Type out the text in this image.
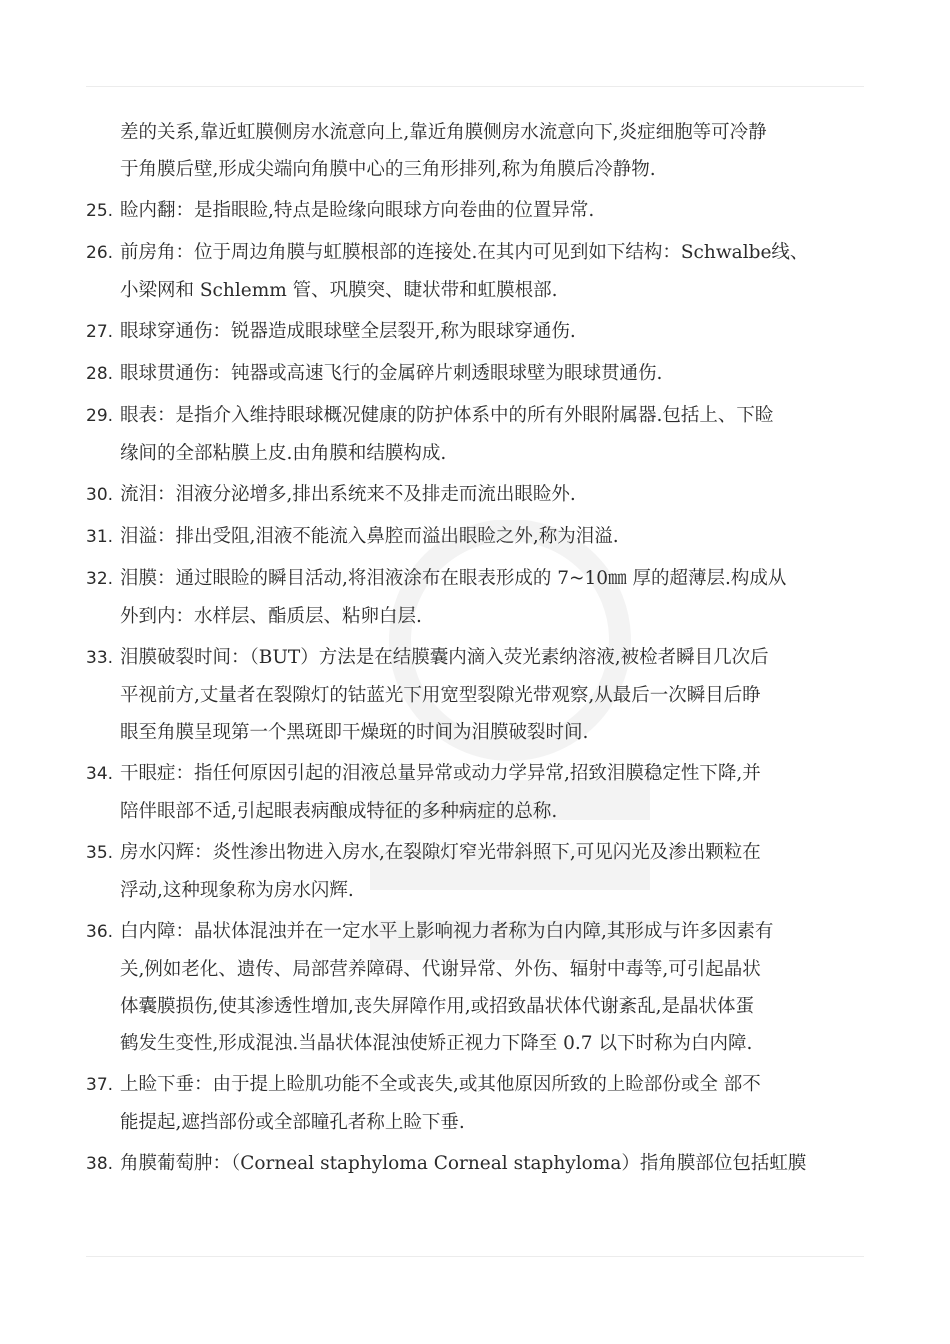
差的关系,靠近虹膜侧房水流意向上,靠近角膜侧房水流意向下,炎症细胞等可冷静
于角膜后壁,形成尖端向角膜中心的三角形排列,称为角膜后冷静物.
25. 睑内翻：是指眼睑,特点是睑缘向眼球方向卷曲的位置异常.
26. 前房角：位于周边角膜与虹膜根部的连接处.在其内可见到如下结构：Schwalbe线、
小梁网和 Schlemm 管、巩膜突、睫状带和虹膜根部.
27. 眼球穿通伤：锐器造成眼球壁全层裂开,称为眼球穿通伤.
28. 眼球贯通伤：钝器或高速飞行的金属碎片刺透眼球壁为眼球贯通伤.
29. 眼表：是指介入维持眼球概况健康的防护体系中的所有外眼附属器.包括上、下睑
缘间的全部粘膜上皮.由角膜和结膜构成.
30. 流泪：泪液分泌增多,排出系统来不及排走而流出眼睑外.
31. 泪溢：排出受阻,泪液不能流入鼻腔而溢出眼睑之外,称为泪溢.
32. 泪膜：通过眼睑的瞬目活动,将泪液涂布在眼表形成的 7~10㎜ 厚的超薄层.构成从
外到内：水样层、酯质层、粘卵白层.
33. 泪膜破裂时间：（BUT）方法是在结膜囊内滴入荧光素纳溶液,被检者瞬目几次后
平视前方,丈量者在裂隙灯的钴蓝光下用宽型裂隙光带观察,从最后一次瞬目后睁
眼至角膜呈现第一个黑斑即干燥斑的时间为泪膜破裂时间.
34. 干眼症：指任何原因引起的泪液总量异常或动力学异常,招致泪膜稳定性下降,并
陪伴眼部不适,引起眼表病酿成特征的多种病症的总称.
35. 房水闪辉：炎性渗出物进入房水,在裂隙灯窄光带斜照下,可见闪光及渗出颗粒在
浮动,这种现象称为房水闪辉.
36. 白内障：晶状体混浊并在一定水平上影响视力者称为白内障,其形成与许多因素有
关,例如老化、遗传、局部营养障碍、代谢异常、外伤、辐射中毒等,可引起晶状
体囊膜损伤,使其渗透性增加,丧失屏障作用,或招致晶状体代谢紊乱,是晶状体蛋
鹤发生变性,形成混浊.当晶状体混浊使矫正视力下降至 0.7 以下时称为白内障.
37. 上睑下垂：由于提上睑肌功能不全或丧失,或其他原因所致的上睑部份或全 部不
能提起,遮挡部份或全部瞳孔者称上睑下垂.
38. 角膜葡萄肿：（Corneal staphyloma Corneal staphyloma）指角膜部位包括虹膜
